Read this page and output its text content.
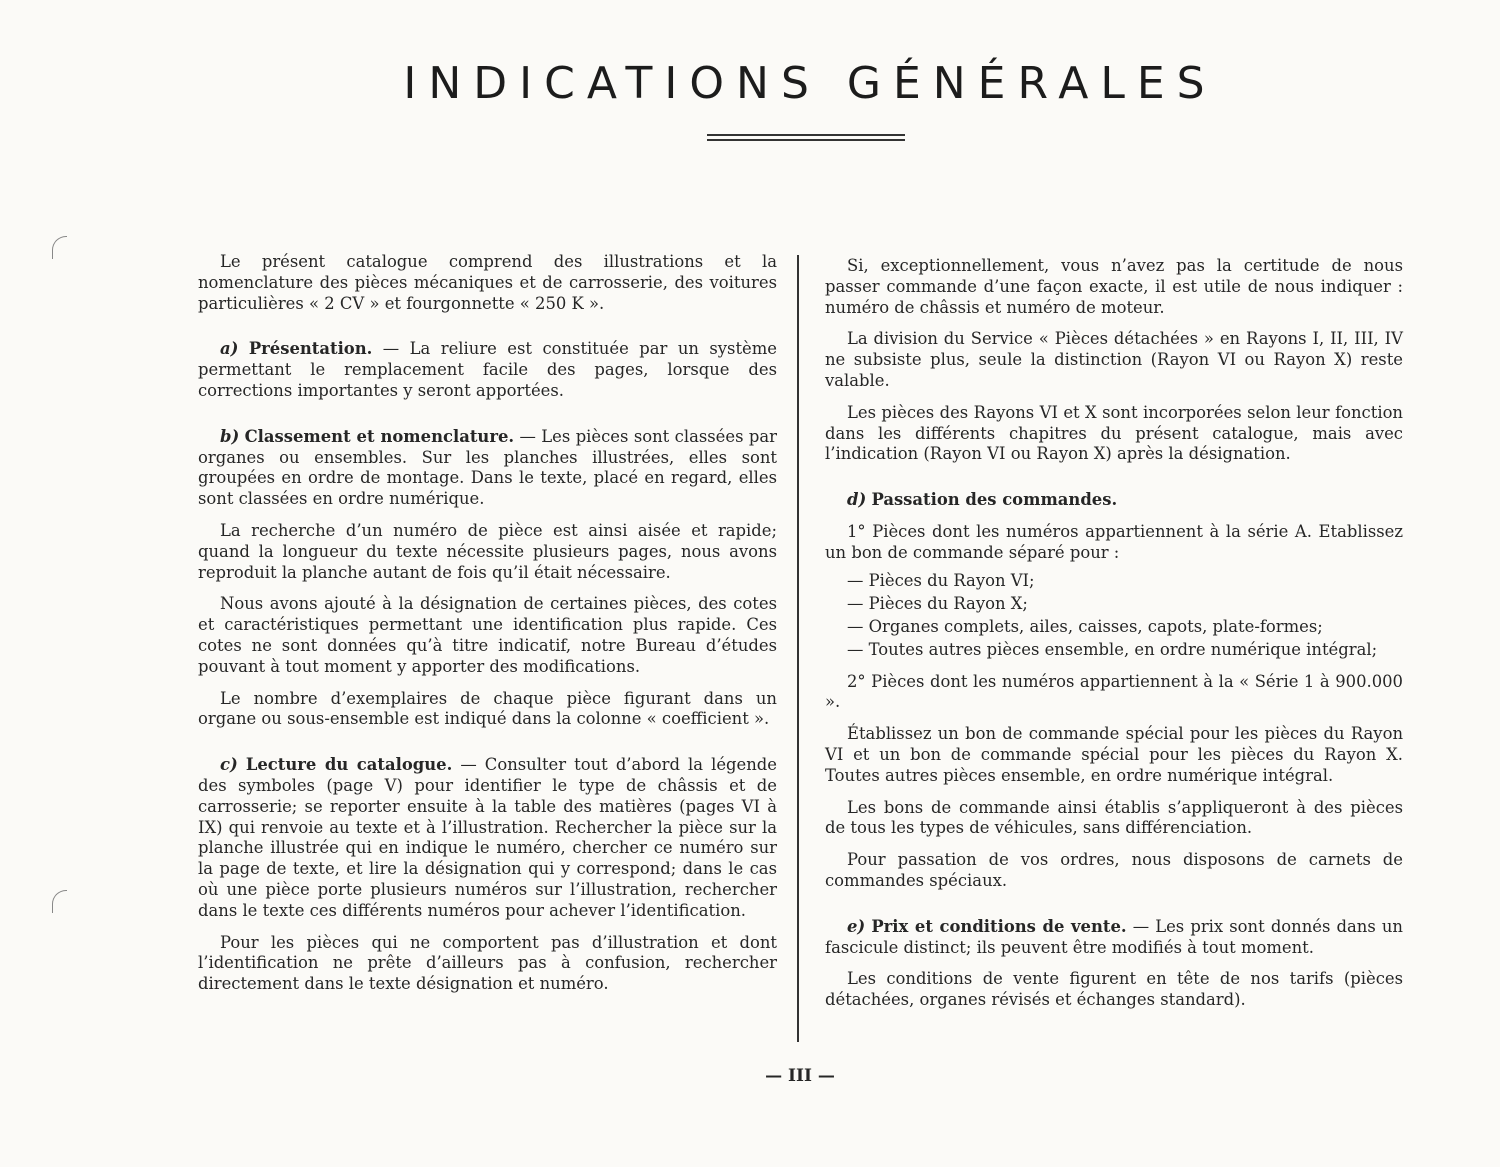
INDICATIONS GÉNÉRALES

Le présent catalogue comprend des illustrations et la nomenclature des pièces mécaniques et de carrosserie, des voitures particulières « 2 CV » et fourgonnette « 250 K ».

a) Présentation. — La reliure est constituée par un système permettant le remplacement facile des pages, lorsque des corrections importantes y seront apportées.

b) Classement et nomenclature. — Les pièces sont classées par organes ou ensembles. Sur les planches illustrées, elles sont groupées en ordre de montage. Dans le texte, placé en regard, elles sont classées en ordre numérique.

La recherche d’un numéro de pièce est ainsi aisée et rapide; quand la longueur du texte nécessite plusieurs pages, nous avons reproduit la planche autant de fois qu’il était nécessaire.

Nous avons ajouté à la désignation de certaines pièces, des cotes et caractéristiques permettant une identification plus rapide. Ces cotes ne sont données qu’à titre indicatif, notre Bureau d’études pouvant à tout moment y apporter des modifications.

Le nombre d’exemplaires de chaque pièce figurant dans un organe ou sous-ensemble est indiqué dans la colonne « coefficient ».

c) Lecture du catalogue. — Consulter tout d’abord la légende des symboles (page V) pour identifier le type de châssis et de carrosserie; se reporter ensuite à la table des matières (pages VI à IX) qui renvoie au texte et à l’illustration. Rechercher la pièce sur la planche illustrée qui en indique le numéro, chercher ce numéro sur la page de texte, et lire la désignation qui y correspond; dans le cas où une pièce porte plusieurs numéros sur l’illustration, rechercher dans le texte ces différents numéros pour achever l’identification.

Pour les pièces qui ne comportent pas d’illustration et dont l’identification ne prête d’ailleurs pas à confusion, rechercher directement dans le texte désignation et numéro.

Si, exceptionnellement, vous n’avez pas la certitude de nous passer commande d’une façon exacte, il est utile de nous indiquer : numéro de châssis et numéro de moteur.

La division du Service « Pièces détachées » en Rayons I, II, III, IV ne subsiste plus, seule la distinction (Rayon VI ou Rayon X) reste valable.

Les pièces des Rayons VI et X sont incorporées selon leur fonction dans les différents chapitres du présent catalogue, mais avec l’indication (Rayon VI ou Rayon X) après la désignation.

d) Passation des commandes.

1° Pièces dont les numéros appartiennent à la série A. Etablissez un bon de commande séparé pour :

— Pièces du Rayon VI;
— Pièces du Rayon X;
— Organes complets, ailes, caisses, capots, plate-formes;
— Toutes autres pièces ensemble, en ordre numérique intégral;

2° Pièces dont les numéros appartiennent à la « Série 1 à 900.000 ».

Établissez un bon de commande spécial pour les pièces du Rayon VI et un bon de commande spécial pour les pièces du Rayon X. Toutes autres pièces ensemble, en ordre numérique intégral.

Les bons de commande ainsi établis s’appliqueront à des pièces de tous les types de véhicules, sans différenciation.

Pour passation de vos ordres, nous disposons de carnets de commandes spéciaux.

e) Prix et conditions de vente. — Les prix sont donnés dans un fascicule distinct; ils peuvent être modifiés à tout moment.

Les conditions de vente figurent en tête de nos tarifs (pièces détachées, organes révisés et échanges standard).

— III —
